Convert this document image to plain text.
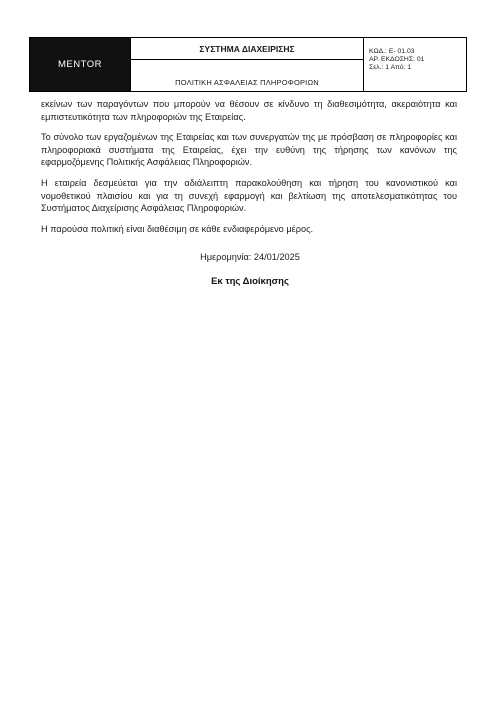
MENTOR
ΣΥΣΤΗΜΑ ΔΙΑΧΕΙΡΙΣΗΣ
ΠΟΛΙΤΙΚΗ ΑΣΦΑΛΕΙΑΣ ΠΛΗΡΟΦΟΡΙΩΝ
ΚΩΔ.: Ε- 01.03
ΑΡ. ΕΚΔΟΣΗΣ: 01
Σελ.: 1 Από: 1

εκείνων των παραγόντων που μπορούν να θέσουν σε κίνδυνο τη διαθεσιμότητα, ακεραιότητα και εμπιστευτικότητα των πληροφοριών της Εταιρείας.

Το σύνολο των εργαζομένων της Εταιρείας και των συνεργατών της με πρόσβαση σε πληροφορίες και πληροφοριακά συστήματα της Εταιρείας, έχει την ευθύνη της τήρησης των κανόνων της εφαρμοζόμενης Πολιτικής Ασφάλειας Πληροφοριών.

Η εταιρεία δεσμεύεται για την αδιάλειπτη παρακολούθηση και τήρηση του κανονιστικού και νομοθετικού πλαισίου και για τη συνεχή εφαρμογή και βελτίωση της αποτελεσματικότητας του Συστήματος Διαχείρισης Ασφάλειας Πληροφοριών.

Η παρούσα πολιτική είναι διαθέσιμη σε κάθε ενδιαφερόμενο μέρος.

Ημερομηνία: 24/01/2025
Εκ της Διοίκησης
